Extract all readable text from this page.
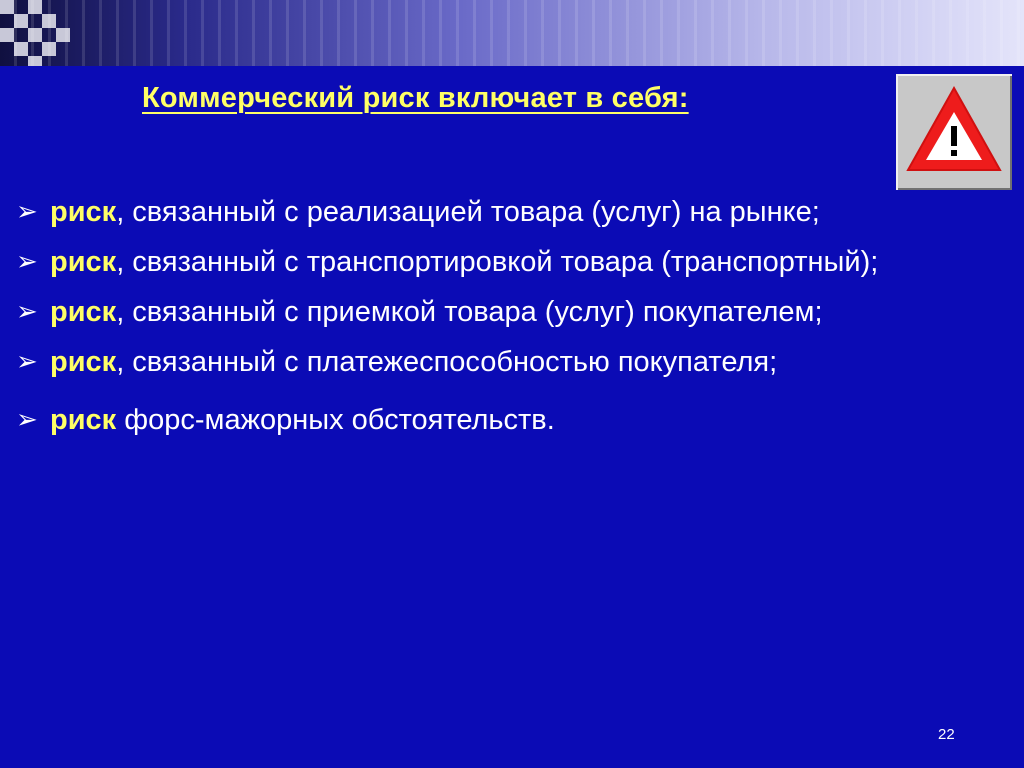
Коммерческий риск включает в себя:
➢ риск, связанный с реализацией товара (услуг) на рынке;
➢ риск, связанный с транспортировкой товара (транспортный);
➢ риск, связанный с приемкой товара (услуг) покупателем;
➢ риск, связанный с платежеспособностью покупателя;
➢ риск форс-мажорных обстоятельств.
22
